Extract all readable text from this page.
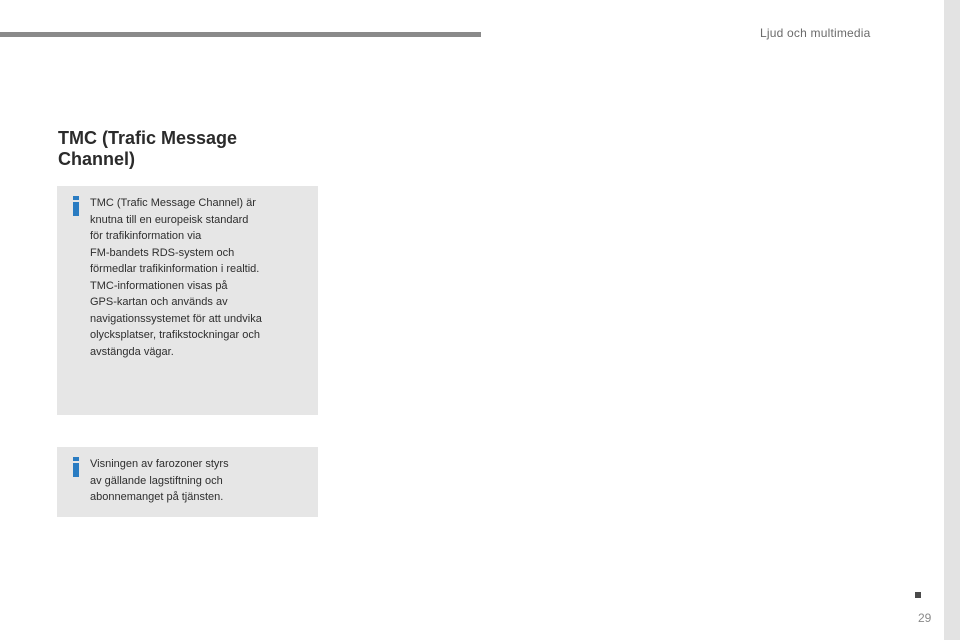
Ljud och multimedia
TMC (Trafic Message
Channel)

TMC (Trafic Message Channel) är
knutna till en europeisk standard
för trafikinformation via
FM-bandets RDS-system och
förmedlar trafikinformation i realtid.
TMC-informationen visas på
GPS-kartan och används av
navigationssystemet för att undvika
olycksplatser, trafikstockningar och
avstängda vägar.

Visningen av farozoner styrs
av gällande lagstiftning och
abonnemanget på tjänsten.

29
